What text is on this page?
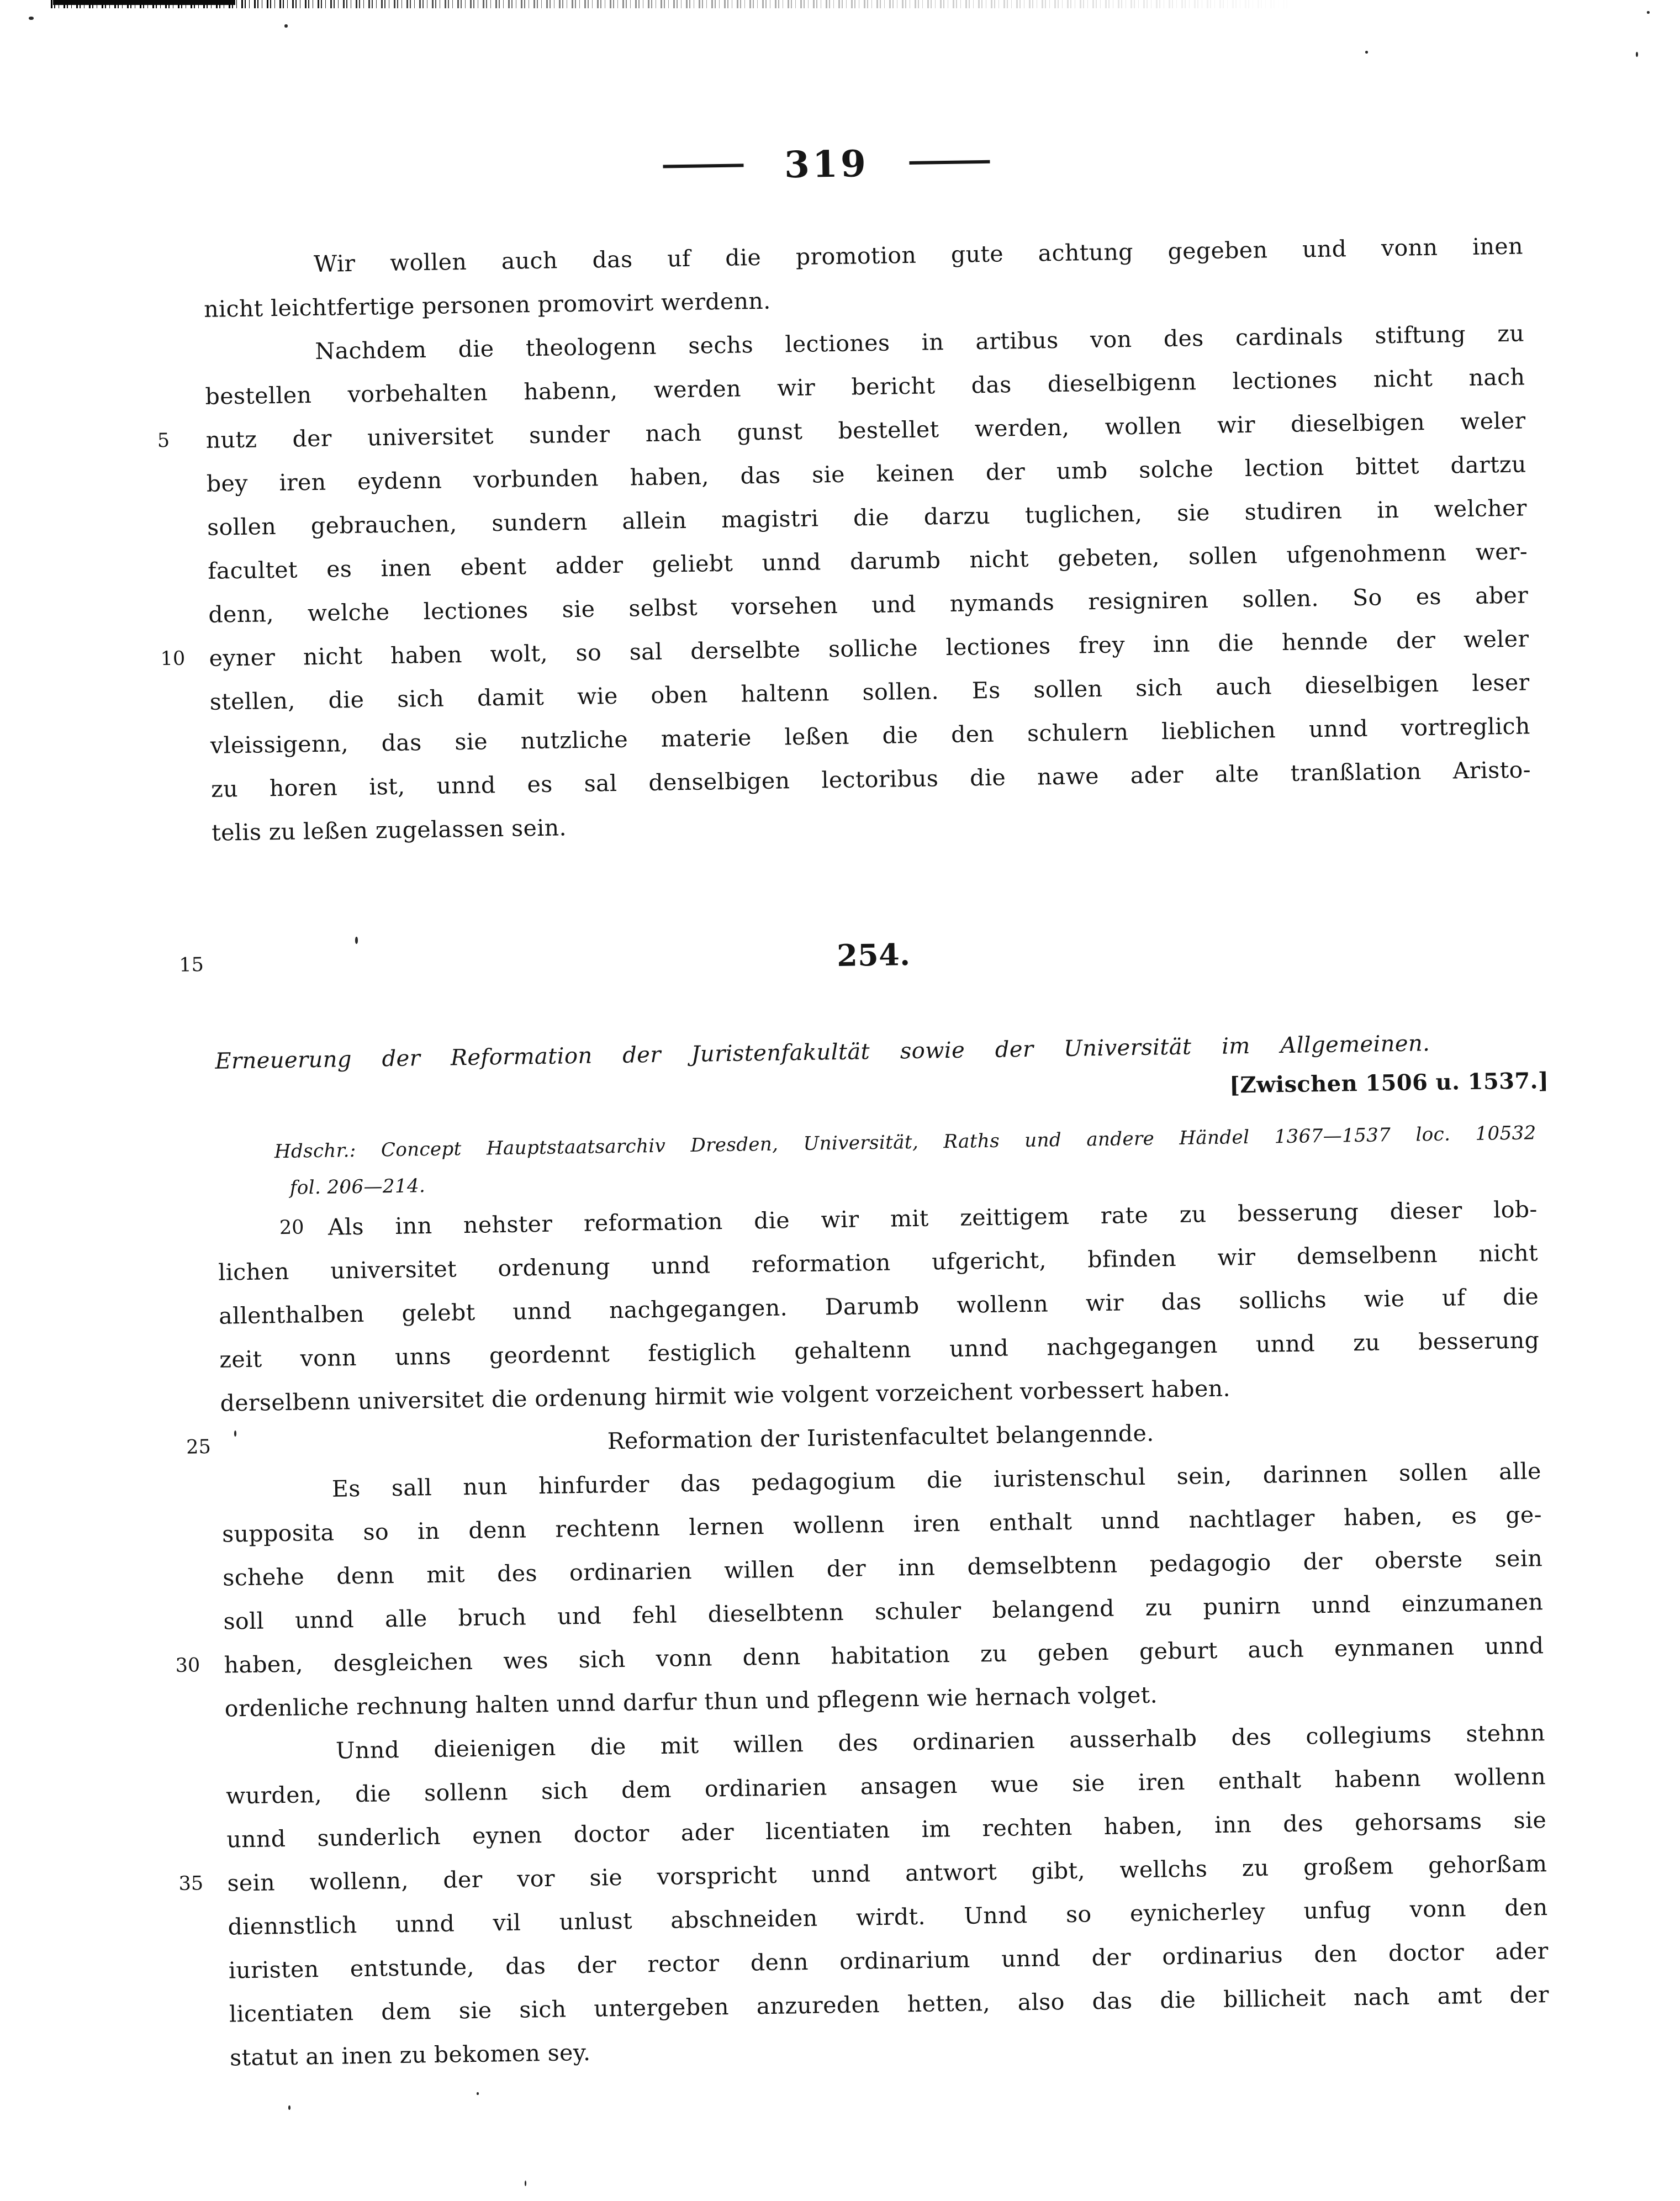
319
Wir wollen auch das uf die promotion gute achtung gegeben und vonn inen
nicht leichtfertige personen promovirt werdenn.
Nachdem die theologenn sechs lectiones in artibus von des cardinals stiftung zu
bestellen vorbehalten habenn, werden wir bericht das dieselbigenn lectiones nicht nach
5	nutz der universitet sunder nach gunst bestellet werden, wollen wir dieselbigen weler
bey iren eydenn vorbunden haben, das sie keinen der umb solche lection bittet dartzu
sollen gebrauchen, sundern allein magistri die darzu tuglichen, sie studiren in welcher
facultet es inen ebent adder geliebt unnd darumb nicht gebeten, sollen ufgenohmenn wer-
denn, welche lectiones sie selbst vorsehen und nymands resigniren sollen. So es aber
10	eyner nicht haben wolt, so sal derselbte solliche lectiones frey inn die hennde der weler
stellen, die sich damit wie oben haltenn sollen. Es sollen sich auch dieselbigen leser
vleissigenn, das sie nutzliche materie leßen die den schulern lieblichen unnd vortreglich
zu horen ist, unnd es sal denselbigen lectoribus die nawe ader alte tranßlation Aristo-
telis zu leßen zugelassen sein.
15	254.
Erneuerung der Reformation der Juristenfakultät sowie der Universität im Allgemeinen.
[Zwischen 1506 u. 1537.]
Hdschr.: Concept Hauptstaatsarchiv Dresden, Universität, Raths und andere Händel 1367—1537 loc. 10532
fol. 206—214.
20 Als inn nehster reformation die wir mit zeittigem rate zu besserung dieser lob-
lichen universitet ordenung unnd reformation ufgericht, bfinden wir demselbenn nicht
allenthalben gelebt unnd nachgegangen. Darumb wollenn wir das sollichs wie uf die
zeit vonn unns geordennt festiglich gehaltenn unnd nachgegangen unnd zu besserung
derselbenn universitet die ordenung hirmit wie volgent vorzeichent vorbessert haben.
25	Reformation der Iuristenfacultet belangennde.
Es sall nun hinfurder das pedagogium die iuristenschul sein, darinnen sollen alle
supposita so in denn rechtenn lernen wollenn iren enthalt unnd nachtlager haben, es ge-
schehe denn mit des ordinarien willen der inn demselbtenn pedagogio der oberste sein
soll unnd alle bruch und fehl dieselbtenn schuler belangend zu punirn unnd einzumanen
30	haben, desgleichen wes sich vonn denn habitation zu geben geburt auch eynmanen unnd
ordenliche rechnung halten unnd darfur thun und pflegenn wie hernach volget.
Unnd dieienigen die mit willen des ordinarien ausserhalb des collegiums stehnn
wurden, die sollenn sich dem ordinarien ansagen wue sie iren enthalt habenn wollenn
unnd sunderlich eynen doctor ader licentiaten im rechten haben, inn des gehorsams sie
35	sein wollenn, der vor sie vorspricht unnd antwort gibt, wellchs zu großem gehorßam
diennstlich unnd vil unlust abschneiden wirdt. Unnd so eynicherley unfug vonn den
iuristen entstunde, das der rector denn ordinarium unnd der ordinarius den doctor ader
licentiaten dem sie sich untergeben anzureden hetten, also das die billicheit nach amt der
statut an inen zu bekomen sey.
